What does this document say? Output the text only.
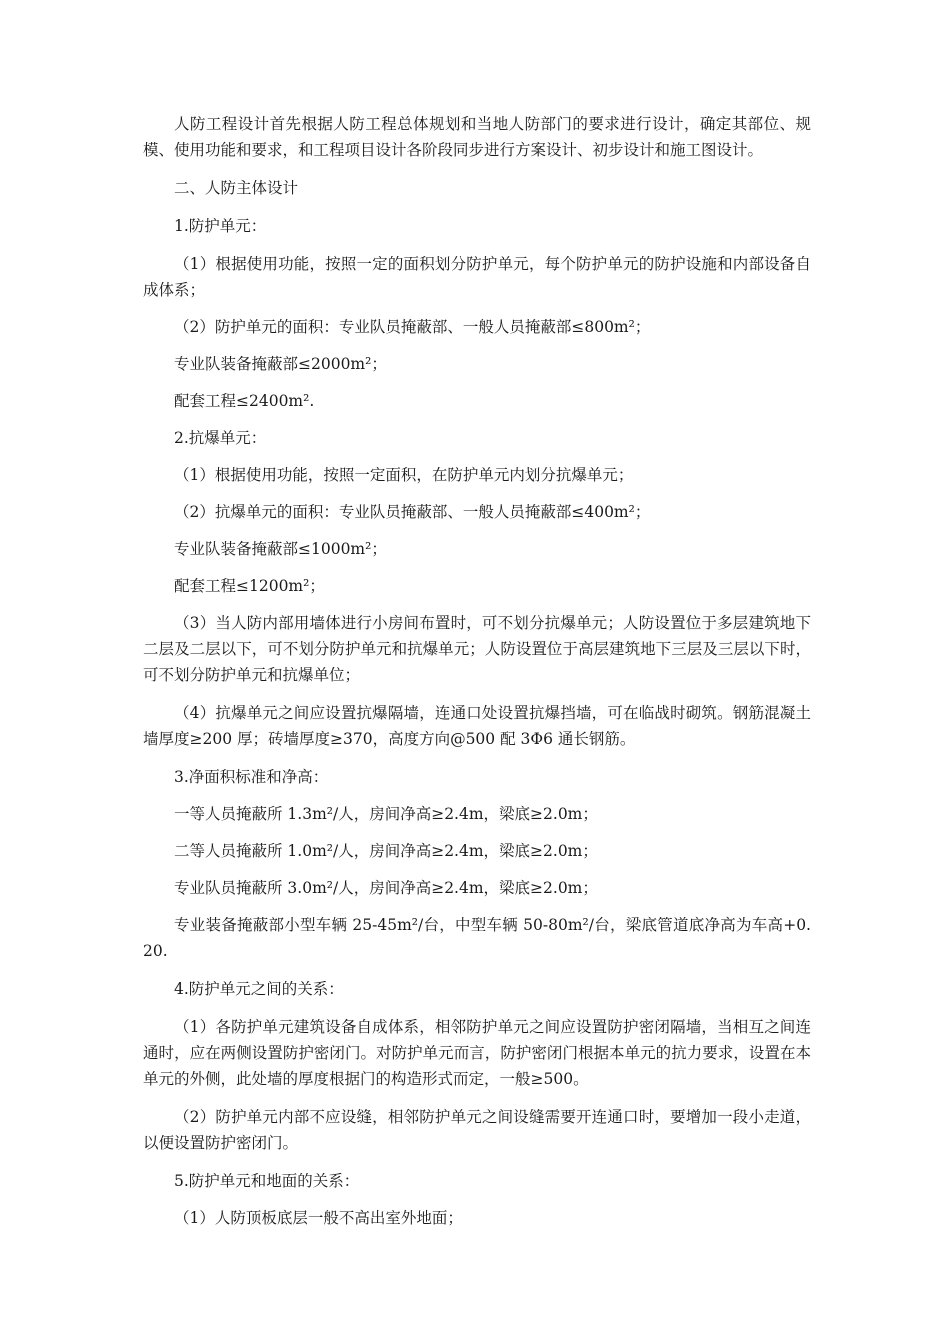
人防工程设计首先根据人防工程总体规划和当地人防部门的要求进行设计，确定其部位、规模、使用功能和要求，和工程项目设计各阶段同步进行方案设计、初步设计和施工图设计。

二、人防主体设计

1.防护单元：

（1）根据使用功能，按照一定的面积划分防护单元，每个防护单元的防护设施和内部设备自成体系；

（2）防护单元的面积：专业队员掩蔽部、一般人员掩蔽部≤800m²；

专业队装备掩蔽部≤2000m²；

配套工程≤2400m².

2.抗爆单元：

（1）根据使用功能，按照一定面积，在防护单元内划分抗爆单元；

（2）抗爆单元的面积：专业队员掩蔽部、一般人员掩蔽部≤400m²；

专业队装备掩蔽部≤1000m²；

配套工程≤1200m²；

（3）当人防内部用墙体进行小房间布置时，可不划分抗爆单元；人防设置位于多层建筑地下二层及二层以下，可不划分防护单元和抗爆单元；人防设置位于高层建筑地下三层及三层以下时，可不划分防护单元和抗爆单位；

（4）抗爆单元之间应设置抗爆隔墙，连通口处设置抗爆挡墙，可在临战时砌筑。钢筋混凝土墙厚度≥200 厚；砖墙厚度≥370，高度方向@500 配 3Φ6 通长钢筋。

3.净面积标准和净高：

一等人员掩蔽所 1.3m²/人，房间净高≥2.4m，梁底≥2.0m；

二等人员掩蔽所 1.0m²/人，房间净高≥2.4m，梁底≥2.0m；

专业队员掩蔽所 3.0m²/人，房间净高≥2.4m，梁底≥2.0m；

专业装备掩蔽部小型车辆 25-45m²/台，中型车辆 50-80m²/台，梁底管道底净高为车高+0.20.

4.防护单元之间的关系：

（1）各防护单元建筑设备自成体系，相邻防护单元之间应设置防护密闭隔墙，当相互之间连通时，应在两侧设置防护密闭门。对防护单元而言，防护密闭门根据本单元的抗力要求，设置在本单元的外侧，此处墙的厚度根据门的构造形式而定，一般≥500。

（2）防护单元内部不应设缝，相邻防护单元之间设缝需要开连通口时，要增加一段小走道，以便设置防护密闭门。

5.防护单元和地面的关系：

（1）人防顶板底层一般不高出室外地面；
